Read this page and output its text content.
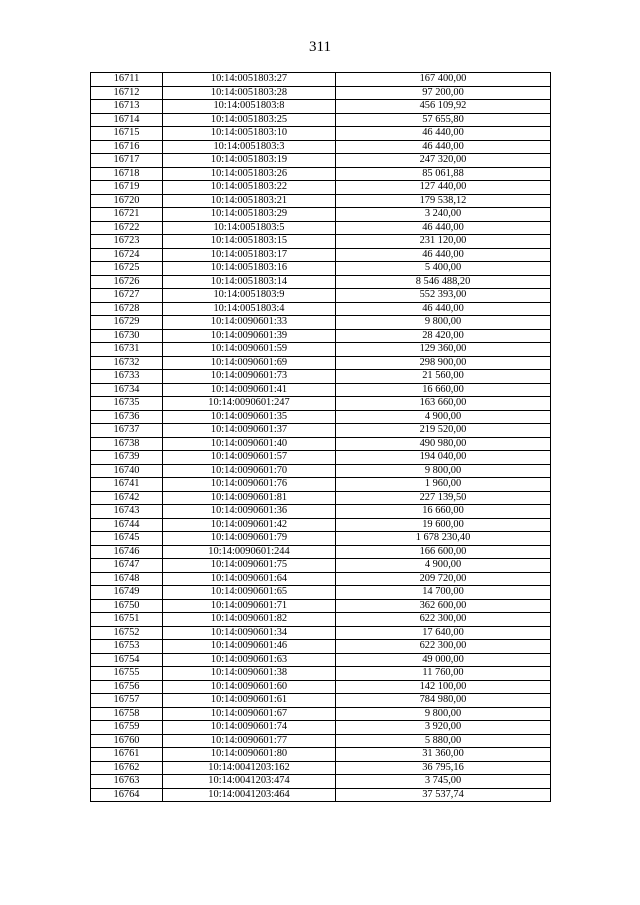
311
16711	10:14:0051803:27	167 400,00
16712	10:14:0051803:28	97 200,00
16713	10:14:0051803:8	456 109,92
16714	10:14:0051803:25	57 655,80
16715	10:14:0051803:10	46 440,00
16716	10:14:0051803:3	46 440,00
16717	10:14:0051803:19	247 320,00
16718	10:14:0051803:26	85 061,88
16719	10:14:0051803:22	127 440,00
16720	10:14:0051803:21	179 538,12
16721	10:14:0051803:29	3 240,00
16722	10:14:0051803:5	46 440,00
16723	10:14:0051803:15	231 120,00
16724	10:14:0051803:17	46 440,00
16725	10:14:0051803:16	5 400,00
16726	10:14:0051803:14	8 546 488,20
16727	10:14:0051803:9	552 393,00
16728	10:14:0051803:4	46 440,00
16729	10:14:0090601:33	9 800,00
16730	10:14:0090601:39	28 420,00
16731	10:14:0090601:59	129 360,00
16732	10:14:0090601:69	298 900,00
16733	10:14:0090601:73	21 560,00
16734	10:14:0090601:41	16 660,00
16735	10:14:0090601:247	163 660,00
16736	10:14:0090601:35	4 900,00
16737	10:14:0090601:37	219 520,00
16738	10:14:0090601:40	490 980,00
16739	10:14:0090601:57	194 040,00
16740	10:14:0090601:70	9 800,00
16741	10:14:0090601:76	1 960,00
16742	10:14:0090601:81	227 139,50
16743	10:14:0090601:36	16 660,00
16744	10:14:0090601:42	19 600,00
16745	10:14:0090601:79	1 678 230,40
16746	10:14:0090601:244	166 600,00
16747	10:14:0090601:75	4 900,00
16748	10:14:0090601:64	209 720,00
16749	10:14:0090601:65	14 700,00
16750	10:14:0090601:71	362 600,00
16751	10:14:0090601:82	622 300,00
16752	10:14:0090601:34	17 640,00
16753	10:14:0090601:46	622 300,00
16754	10:14:0090601:63	49 000,00
16755	10:14:0090601:38	11 760,00
16756	10:14:0090601:60	142 100,00
16757	10:14:0090601:61	784 980,00
16758	10:14:0090601:67	9 800,00
16759	10:14:0090601:74	3 920,00
16760	10:14:0090601:77	5 880,00
16761	10:14:0090601:80	31 360,00
16762	10:14:0041203:162	36 795,16
16763	10:14:0041203:474	3 745,00
16764	10:14:0041203:464	37 537,74
